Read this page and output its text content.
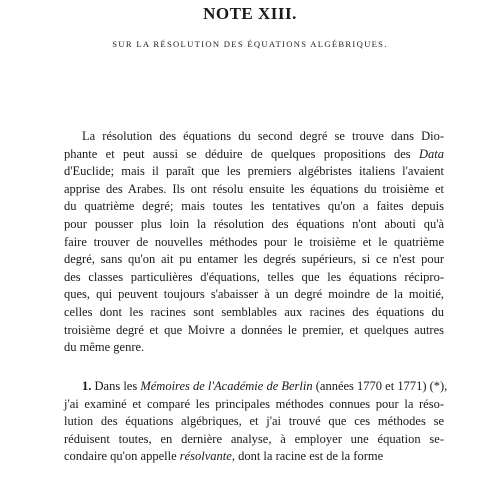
NOTE XIII.
SUR LA RÉSOLUTION DES ÉQUATIONS ALGÉBRIQUES.
La résolution des équations du second degré se trouve dans Dio-
phante et peut aussi se déduire de quelques propositions des Data
d'Euclide; mais il paraît que les premiers algébristes italiens l'avaient
apprise des Arabes. Ils ont résolu ensuite les équations du troisième et
du quatrième degré; mais toutes les tentatives qu'on a faites depuis
pour pousser plus loin la résolution des équations n'ont abouti qu'à
faire trouver de nouvelles méthodes pour le troisième et le quatrième
degré, sans qu'on ait pu entamer les degrés supérieurs, si ce n'est pour
des classes particulières d'équations, telles que les équations récipro-
ques, qui peuvent toujours s'abaisser à un degré moindre de la moitié,
celles dont les racines sont semblables aux racines des équations du
troisième degré et que Moivre a données le premier, et quelques autres
du même genre.
1. Dans les Mémoires de l'Académie de Berlin (années 1770 et 1771) (*),
j'ai examiné et comparé les principales méthodes connues pour la réso-
lution des équations algébriques, et j'ai trouvé que ces méthodes se
réduisent toutes, en dernière analyse, à employer une équation se-
condaire qu'on appelle résolvante, dont la racine est de la forme
